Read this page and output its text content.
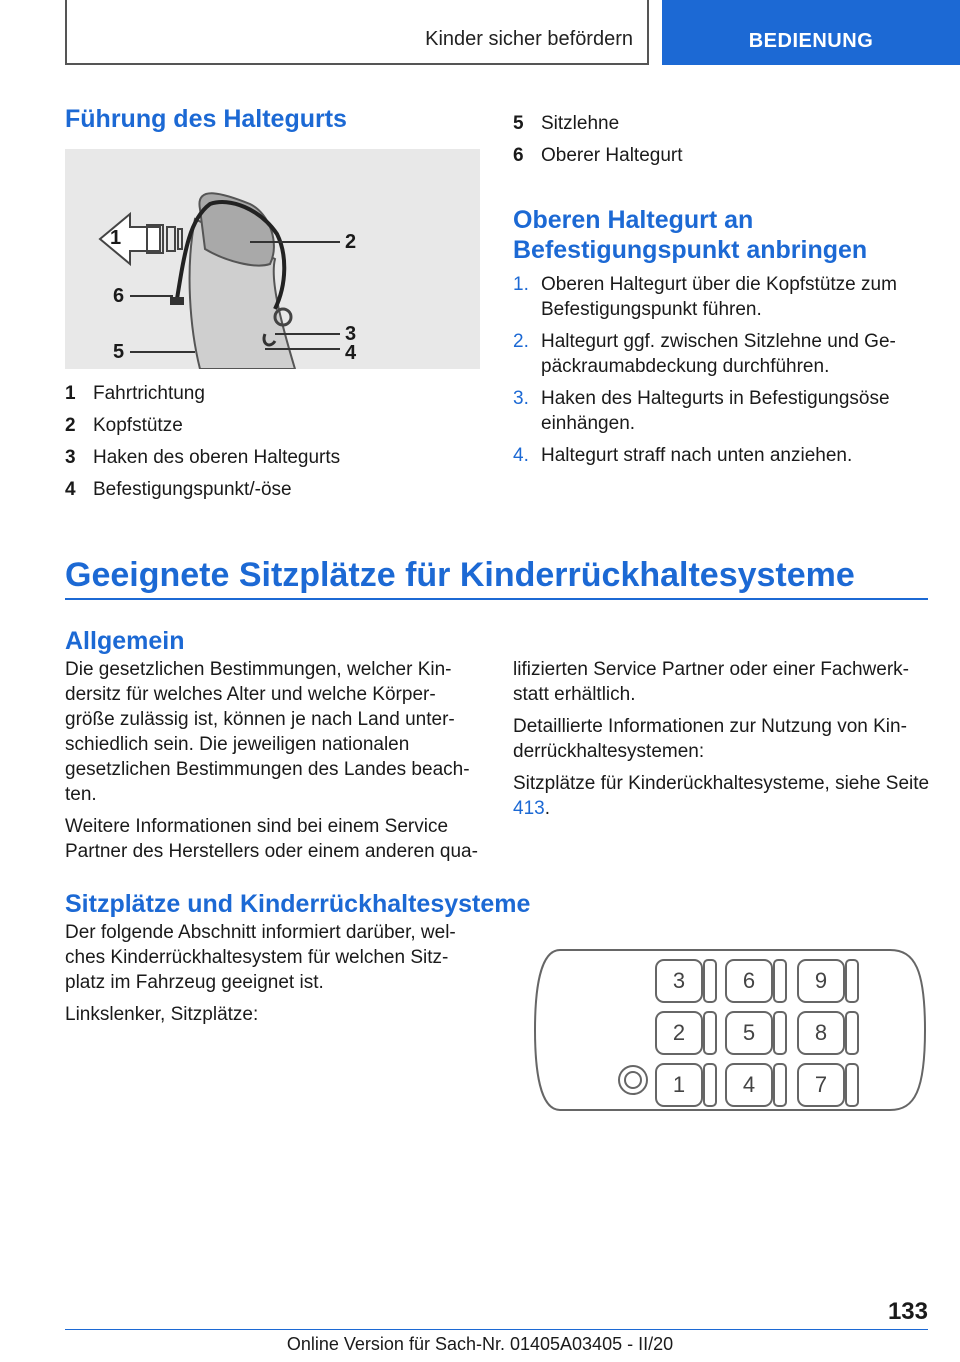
Kinder sicher befördern	BEDIENUNG
Führung des Haltegurts
1	2
6
3
4
5
1 Fahrtrichtung
2 Kopfstütze
3 Haken des oberen Haltegurts
4 Befestigungspunkt/-öse
5 Sitzlehne
6 Oberer Haltegurt
Oberen Haltegurt an
Befestigungspunkt anbringen
1. Oberen Haltegurt über die Kopfstütze zum Befestigungspunkt führen.
2. Haltegurt ggf. zwischen Sitzlehne und Ge-päckraumabdeckung durchführen.
3. Haken des Haltegurts in Befestigungsöse einhängen.
4. Haltegurt straff nach unten anziehen.
Geeignete Sitzplätze für Kinderrückhaltesysteme
Allgemein

Die gesetzlichen Bestimmungen, welcher Kin-dersitz für welches Alter und welche Körper-größe zulässig ist, können je nach Land unter-schiedlich sein. Die jeweiligen nationalen gesetzlichen Bestimmungen des Landes beach-ten.

Weitere Informationen sind bei einem Service Partner des Herstellers oder einem anderen qua-

lifizierten Service Partner oder einer Fachwerk-statt erhältlich.

Detaillierte Informationen zur Nutzung von Kin-derrückhaltesystemen:

Sitzplätze für Kinderückhaltesysteme, siehe Seite 413.

Sitzplätze und Kinderrückhaltesysteme

Der folgende Abschnitt informiert darüber, wel-ches Kinderrückhaltesystem für welchen Sitz-platz im Fahrzeug geeignet ist.

Linkslenker, Sitzplätze:

3	6	9
2	5	8
1	4	7
133
Online Version für Sach-Nr. 01405A03405 - II/20
